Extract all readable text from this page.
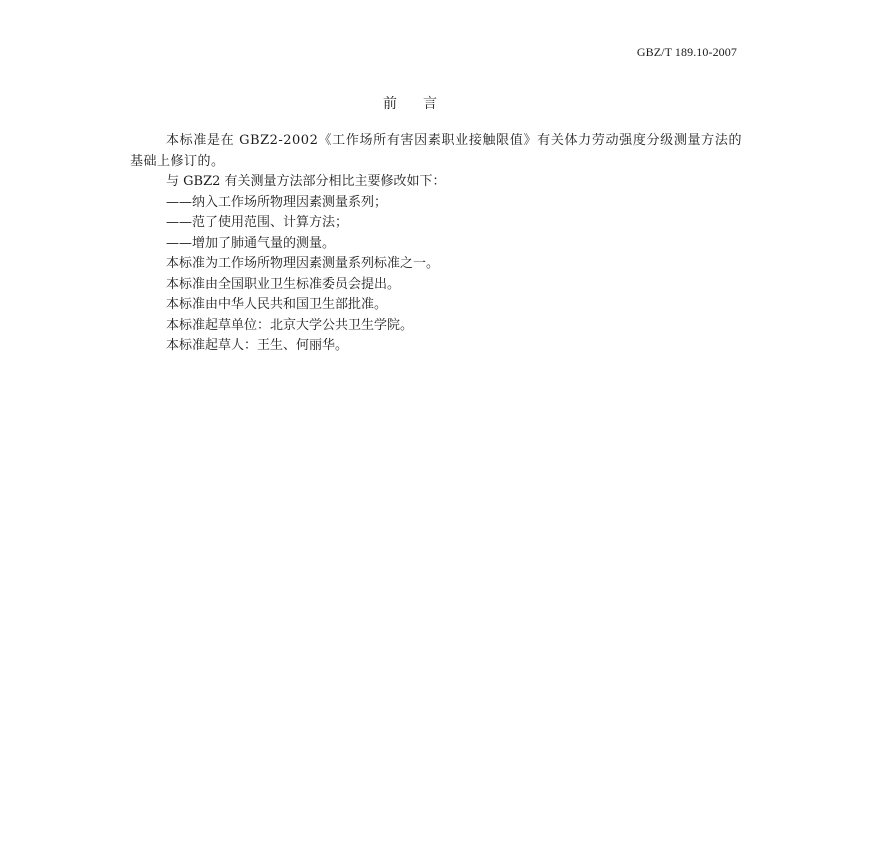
GBZ/T 189.10-2007
前言

本标准是在 GBZ2-2002《工作场所有害因素职业接触限值》有关体力劳动强度分级测量方法的基础上修订的。

与 GBZ2 有关测量方法部分相比主要修改如下：

——纳入工作场所物理因素测量系列；

——范了使用范围、计算方法；

——增加了肺通气量的测量。

本标准为工作场所物理因素测量系列标准之一。

本标准由全国职业卫生标准委员会提出。

本标准由中华人民共和国卫生部批准。

本标准起草单位：北京大学公共卫生学院。

本标准起草人：王生、何丽华。
